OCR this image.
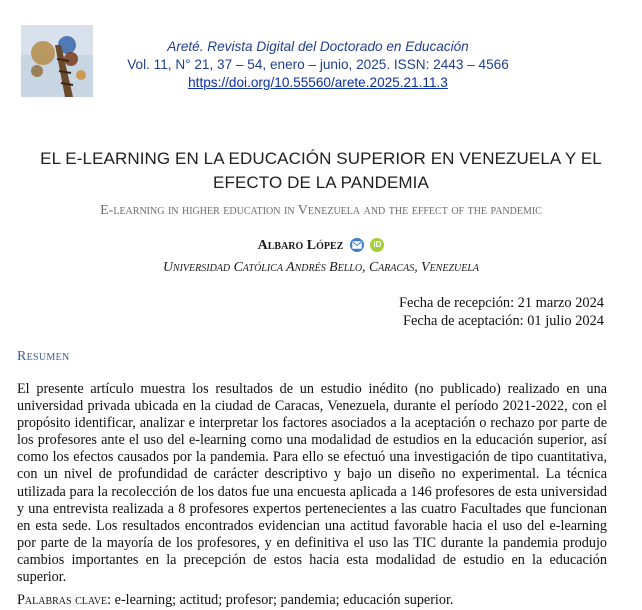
Areté. Revista Digital del Doctorado en Educación
Vol. 11, N° 21, 37 – 54, enero – junio, 2025. ISSN: 2443 – 4566
https://doi.org/10.55560/arete.2025.21.11.3
EL E-LEARNING EN LA EDUCACIÓN SUPERIOR EN VENEZUELA Y EL EFECTO DE LA PANDEMIA
E-learning in higher education in Venezuela and the effect of the pandemic
Albaro López	iD
Universidad Católica Andrés Bello, Caracas, Venezuela
Fecha de recepción: 21 marzo 2024
Fecha de aceptación: 01 julio 2024
Resumen

El presente artículo muestra los resultados de un estudio inédito (no publicado) realizado en una universidad privada ubicada en la ciudad de Caracas, Venezuela, durante el período 2021-2022, con el propósito identificar, analizar e interpretar los factores asociados a la aceptación o rechazo por parte de los profesores ante el uso del e-learning como una modalidad de estudios en la educación superior, así como los efectos causados por la pandemia. Para ello se efectuó una investigación de tipo cuantitativa, con un nivel de profundidad de carácter descriptivo y bajo un diseño no experimental. La técnica utilizada para la recolección de los datos fue una encuesta aplicada a 146 profesores de esta universidad y una entrevista realizada a 8 profesores expertos pertenecientes a las cuatro Facultades que funcionan en esta sede. Los resultados encontrados evidencian una actitud favorable hacia el uso del e-learning por parte de la mayoría de los profesores, y en definitiva el uso las TIC durante la pandemia produjo cambios importantes en la precepción de estos hacia esta modalidad de estudio en la educación superior.

Palabras clave: e-learning; actitud; profesor; pandemia; educación superior.
